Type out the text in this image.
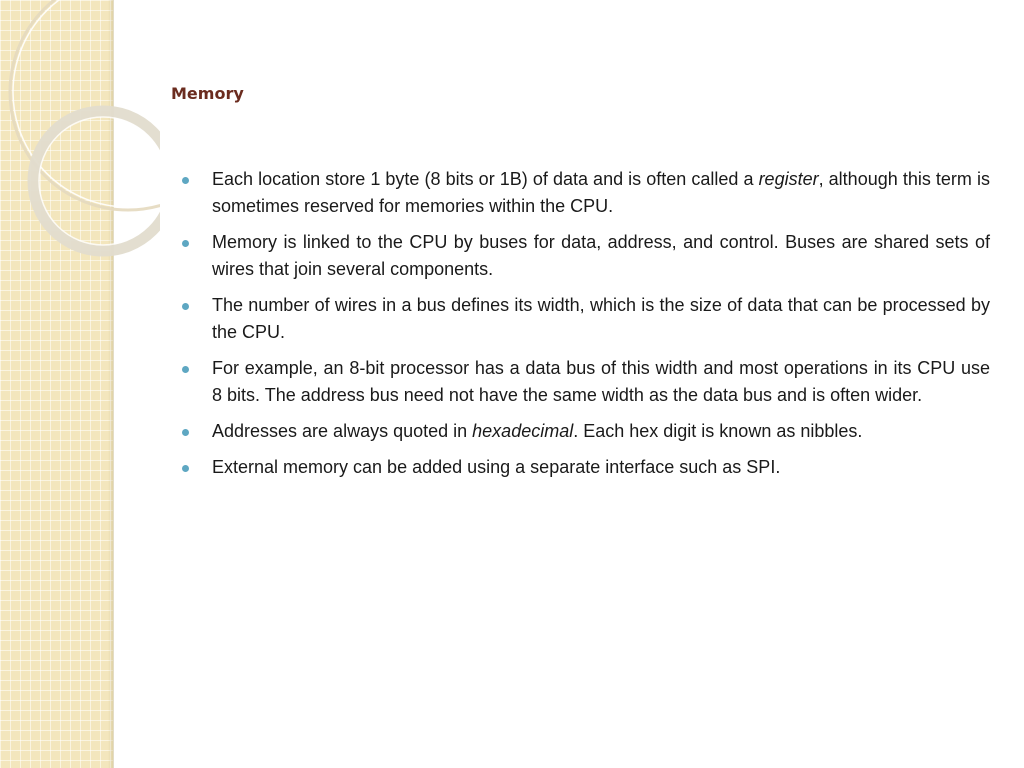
Memory
Each location store 1 byte (8 bits or 1B) of data and is often called a register, although this term is sometimes reserved for memories within the CPU.
Memory is linked to the CPU by buses for data, address, and control. Buses are shared sets of wires that join several components.
The number of wires in a bus defines its width, which is the size of data that can be processed by the CPU.
For example, an 8-bit processor has a data bus of this width and most operations in its CPU use 8 bits. The address bus need not have the same width as the data bus and is often wider.
Addresses are always quoted in hexadecimal. Each hex digit is known as nibbles.
External memory can be added using a separate interface such as SPI.
